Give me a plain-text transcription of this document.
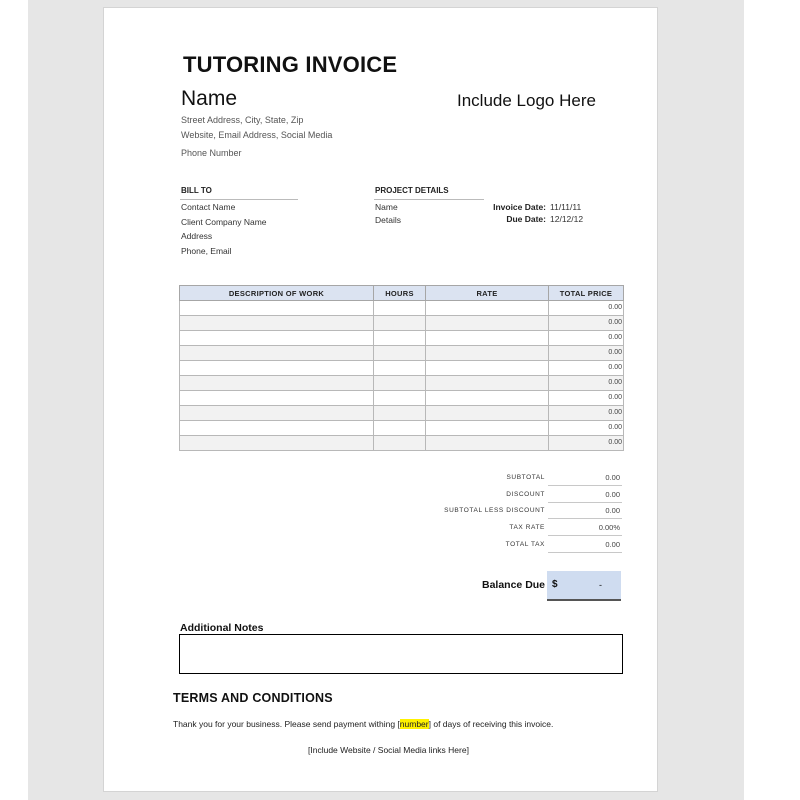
TUTORING INVOICE
Name
Street Address, City, State, Zip
Website, Email Address, Social Media
Phone Number
Include Logo Here
BILL TO
Contact Name
Client Company Name
Address
Phone, Email
PROJECT DETAILS
Name
Details
Invoice Date: 11/11/11
Due Date: 12/12/12
DESCRIPTION OF WORK	HOURS	RATE	TOTAL PRICE
			0.00
			0.00
			0.00
			0.00
			0.00
			0.00
			0.00
			0.00
			0.00
			0.00
SUBTOTAL	0.00
DISCOUNT	0.00
SUBTOTAL LESS DISCOUNT	0.00
TAX RATE	0.00%
TOTAL TAX	0.00
Balance Due $	-
Additional Notes
TERMS AND CONDITIONS
Thank you for your business. Please send payment withing [number] of days of receiving this invoice.
[Include Website / Social Media links Here]
